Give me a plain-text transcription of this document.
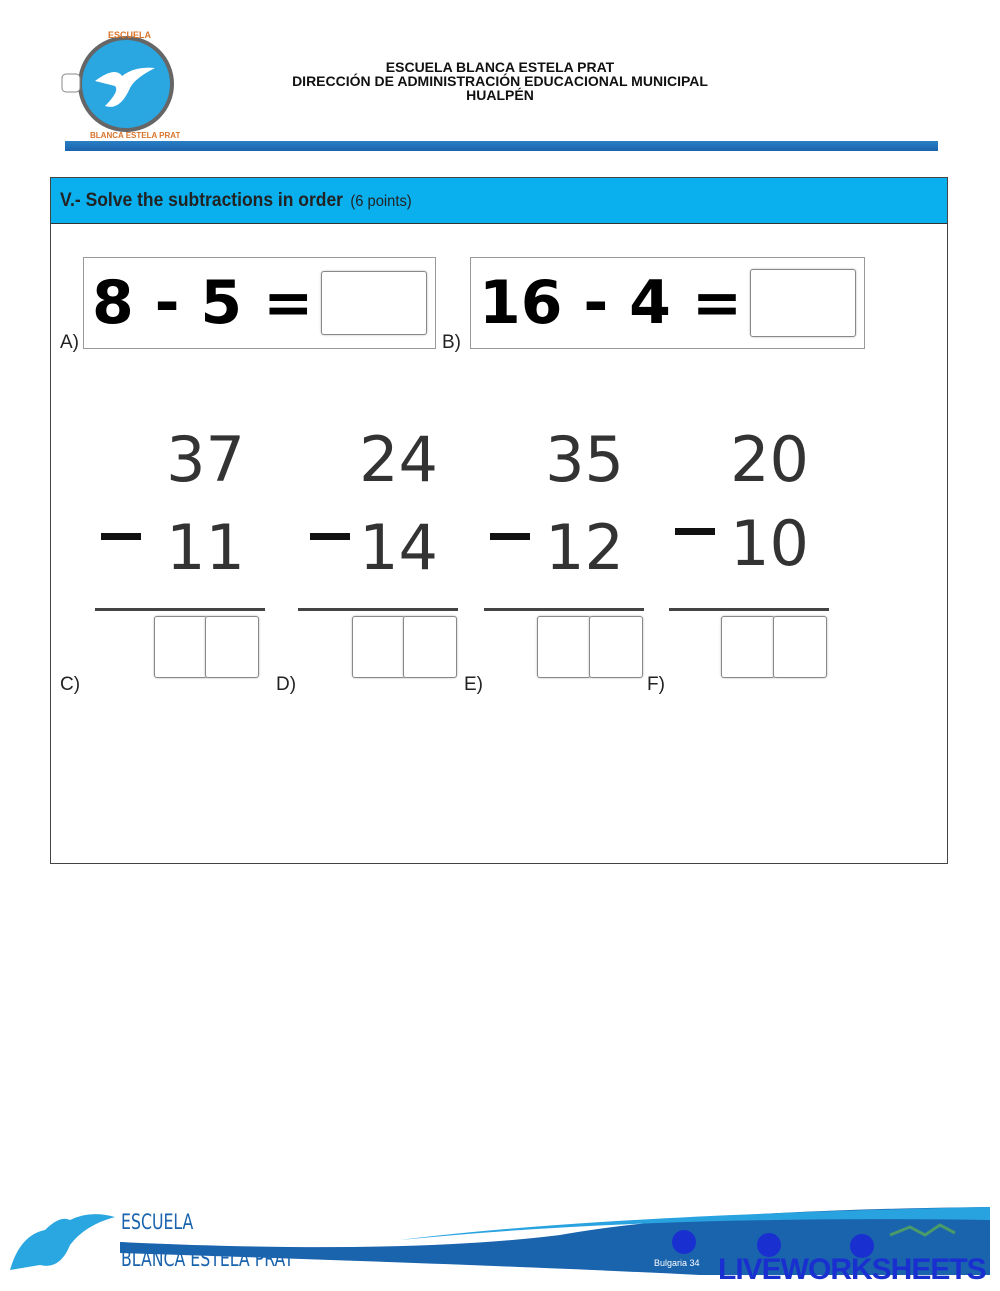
ESCUELA
BLANCA ESTELA PRAT
ESCUELA BLANCA ESTELA PRAT
DIRECCIÓN DE ADMINISTRACIÓN EDUCACIONAL MUNICIPAL
HUALPÉN
V.- Solve the subtractions in order (6 points)
A)
8 - 5 =
B)
16 - 4 =
C)
37
11
D)
24
14
E)
35
12
F)
20
10
ESCUELA
BLANCA ESTELA PRAT	Bulgaria 34 LIVEWORKSHEETS
